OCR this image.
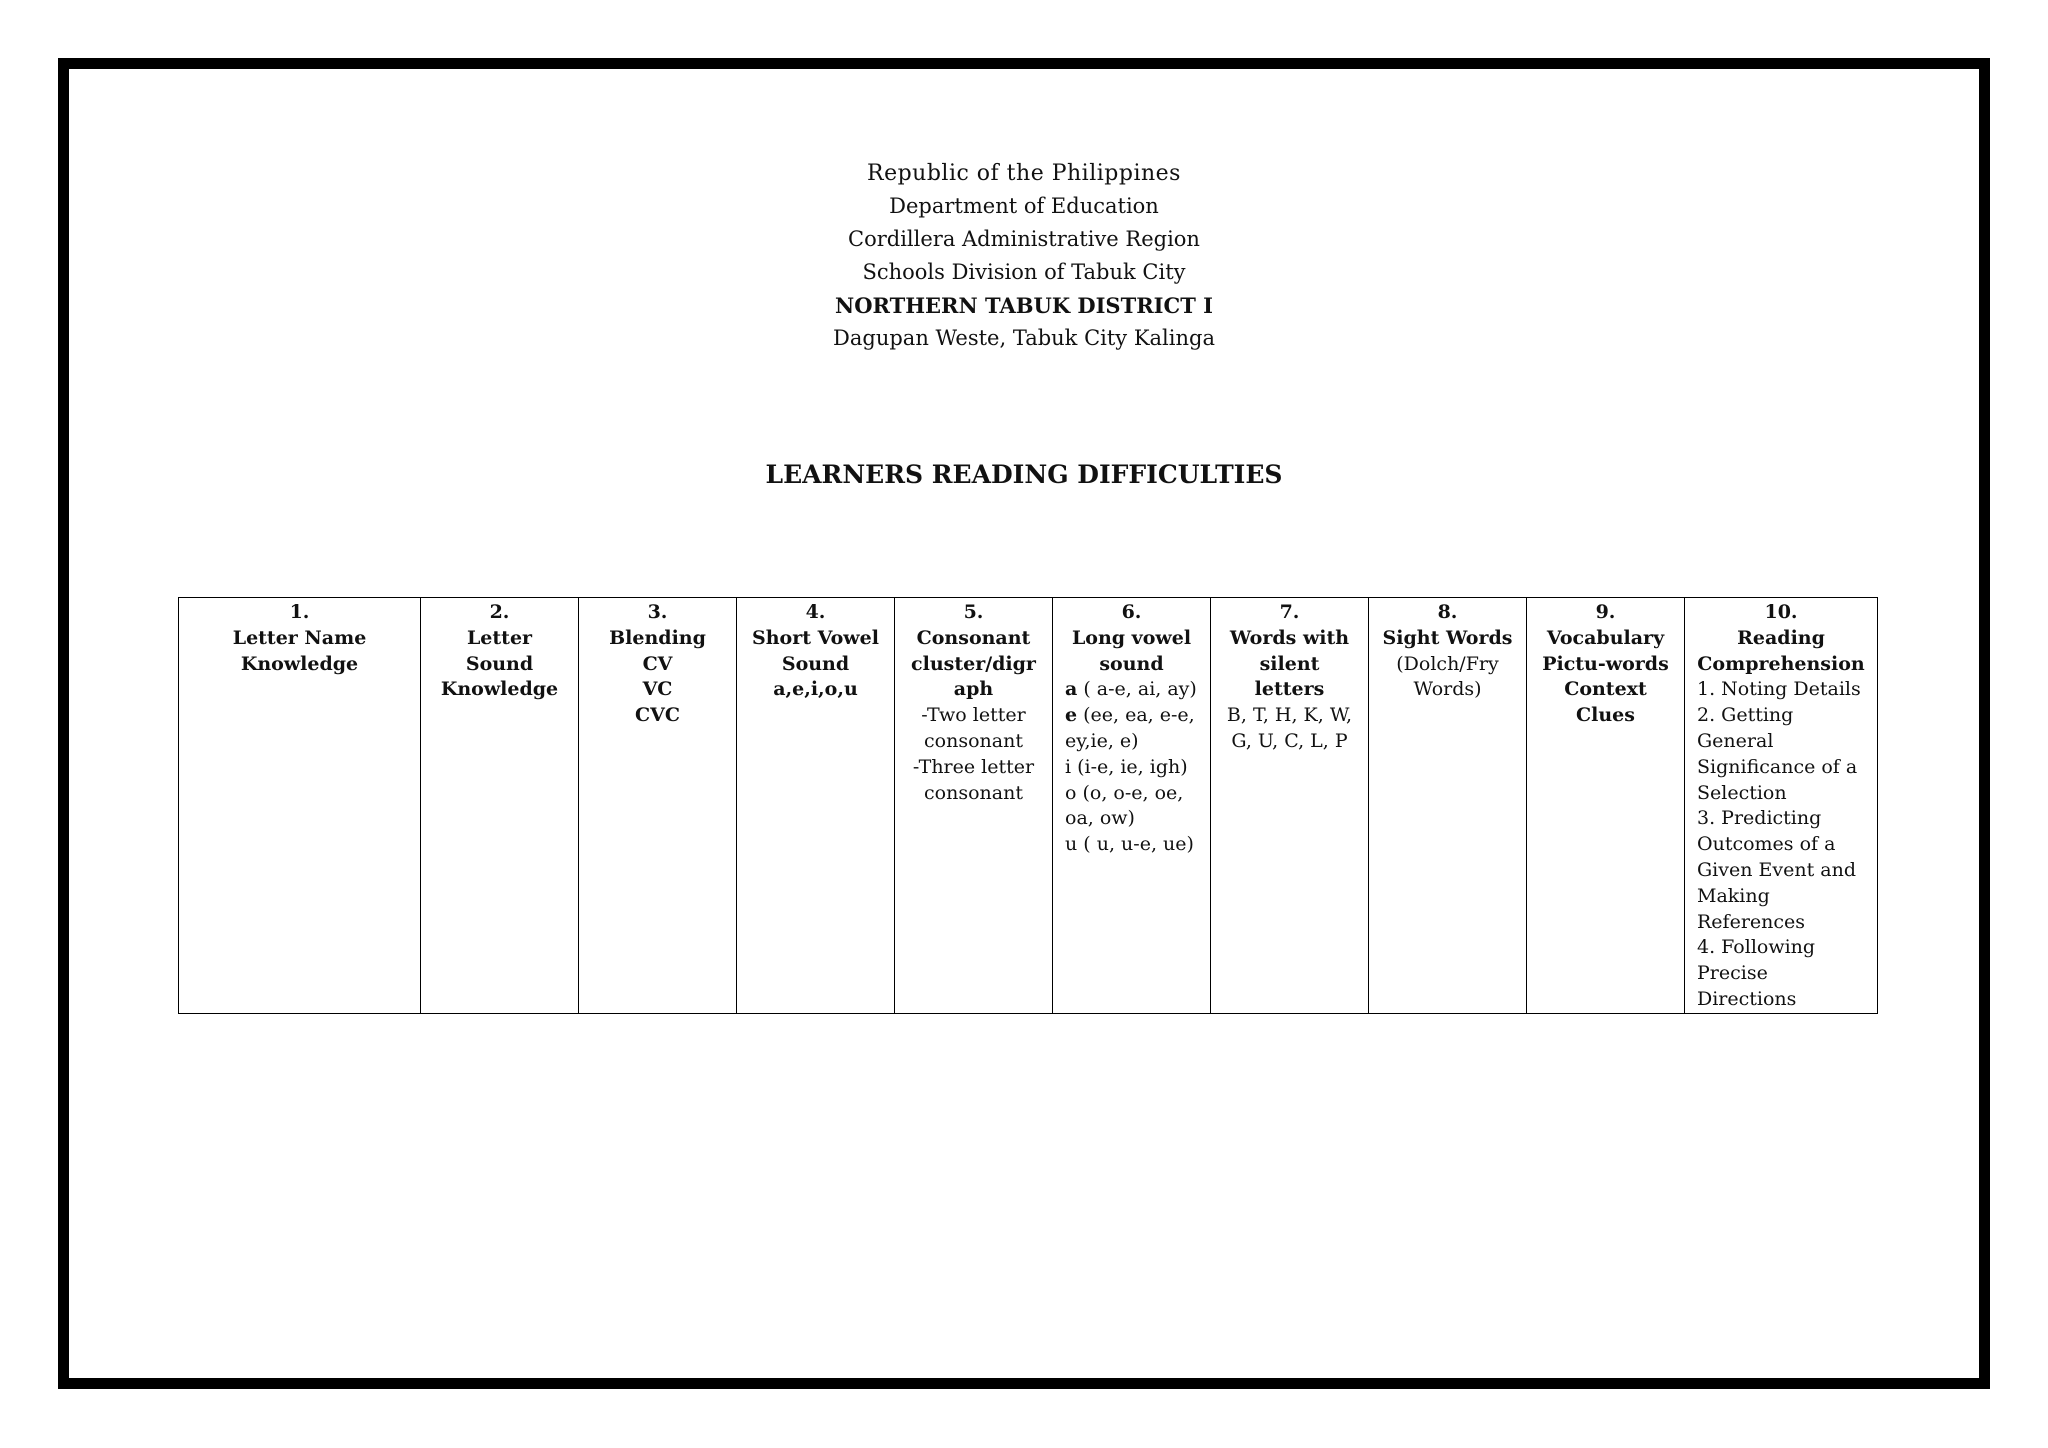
Republic of the Philippines
Department of Education
Cordillera Administrative Region
Schools Division of Tabuk City
NORTHERN TABUK DISTRICT I
Dagupan Weste, Tabuk City Kalinga
LEARNERS READING DIFFICULTIES
1.
Letter Name
Knowledge

2.
Letter
Sound
Knowledge

3.
Blending
CV
VC
CVC

4.
Short Vowel
Sound
a,e,i,o,u

5.
Consonant
cluster/digr
aph
-Two letter
consonant
-Three letter
consonant

6.
Long vowel
sound
a ( a-e, ai, ay)
e (ee, ea, e-e,
ey,ie, e)
i (i-e, ie, igh)
o (o, o-e, oe,
oa, ow)
u ( u, u-e, ue)

7.
Words with
silent letters
B, T, H, K, W,
G, U, C, L, P

8.
Sight Words
(Dolch/Fry
Words)

9.
Vocabulary
Pictu-words
Context
Clues

10.
Reading
Comprehension
1. Noting Details
2. Getting
General
Significance of a
Selection
3. Predicting
Outcomes of a
Given Event and
Making
References
4. Following
Precise
Directions
